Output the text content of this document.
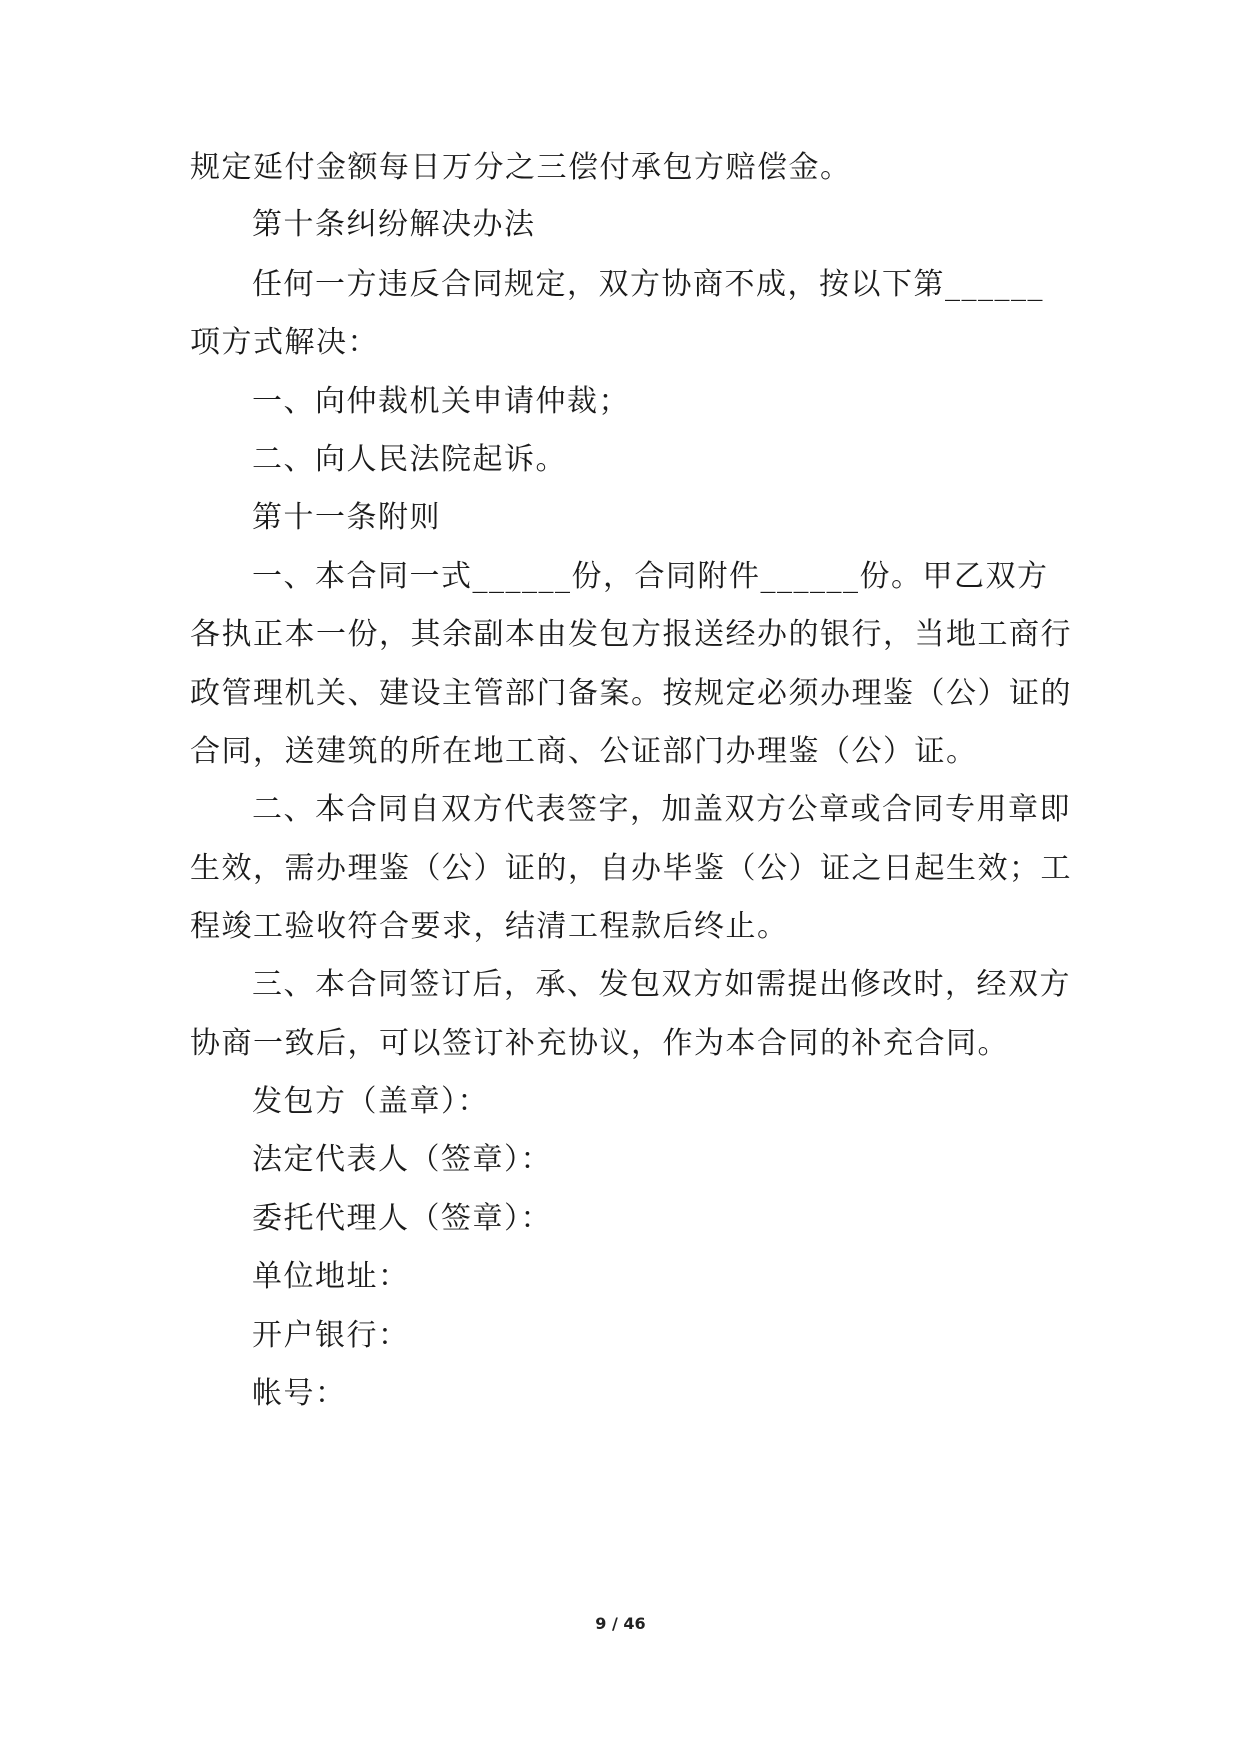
规定延付金额每日万分之三偿付承包方赔偿金。
第十条纠纷解决办法
任何一方违反合同规定，双方协商不成，按以下第______
项方式解决：
一、向仲裁机关申请仲裁；
二、向人民法院起诉。
第十一条附则
一、本合同一式______份，合同附件______份。甲乙双方
各执正本一份，其余副本由发包方报送经办的银行，当地工商行
政管理机关、建设主管部门备案。按规定必须办理鉴（公）证的
合同，送建筑的所在地工商、公证部门办理鉴（公）证。
二、本合同自双方代表签字，加盖双方公章或合同专用章即
生效，需办理鉴（公）证的，自办毕鉴（公）证之日起生效；工
程竣工验收符合要求，结清工程款后终止。
三、本合同签订后，承、发包双方如需提出修改时，经双方
协商一致后，可以签订补充协议，作为本合同的补充合同。
发包方（盖章）：
法定代表人（签章）：
委托代理人（签章）：
单位地址：
开户银行：
帐号：
9 / 46
